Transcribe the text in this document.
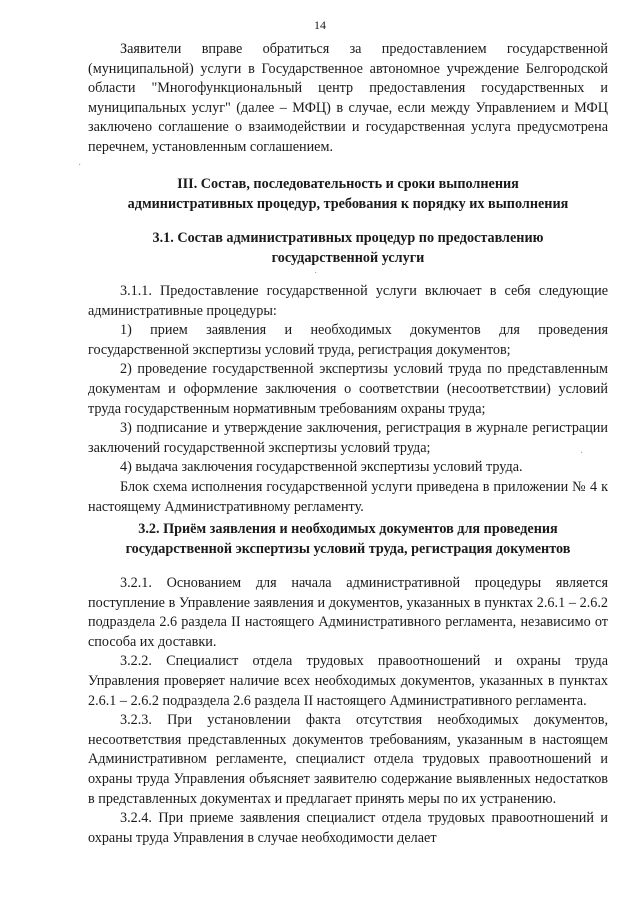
14
·
·
·

Заявители вправе обратиться за предоставлением государственной (муниципальной) услуги в Государственное автономное учреждение Белгородской области "Многофункциональный центр предоставления государственных и муниципальных услуг" (далее – МФЦ) в случае, если между Управлением и МФЦ заключено соглашение о взаимодействии и государственная услуга предусмотрена перечнем, установленным соглашением.

III. Состав, последовательность и сроки выполнения
административных процедур, требования к порядку их выполнения
3.1. Состав административных процедур по предоставлению
государственной услуги

3.1.1. Предоставление государственной услуги включает в себя следующие административные процедуры:

1) прием заявления и необходимых документов для проведения государственной экспертизы условий труда, регистрация документов;

2) проведение государственной экспертизы условий труда по представленным документам и оформление заключения о соответствии (несоответствии) условий труда государственным нормативным требованиям охраны труда;

3) подписание и утверждение заключения, регистрация в журнале регистрации заключений государственной экспертизы условий труда;

4) выдача заключения государственной экспертизы условий труда.

Блок схема исполнения государственной услуги приведена в приложении № 4 к настоящему Административному регламенту.

3.2. Приём заявления и необходимых документов для проведения
государственной экспертизы условий труда, регистрация документов

3.2.1. Основанием для начала административной процедуры является поступление в Управление заявления и документов, указанных в пунктах 2.6.1 – 2.6.2 подраздела 2.6 раздела II настоящего Административного регламента, независимо от способа их доставки.

3.2.2. Специалист отдела трудовых правоотношений и охраны труда Управления проверяет наличие всех необходимых документов, указанных в пунктах 2.6.1 – 2.6.2 подраздела 2.6 раздела II настоящего Административного регламента.

3.2.3. При установлении факта отсутствия необходимых документов, несоответствия представленных документов требованиям, указанным в настоящем Административном регламенте, специалист отдела трудовых правоотношений и охраны труда Управления объясняет заявителю содержание выявленных недостатков в представленных документах и предлагает принять меры по их устранению.

3.2.4. При приеме заявления специалист отдела трудовых правоотношений и охраны труда Управления в случае необходимости делает
